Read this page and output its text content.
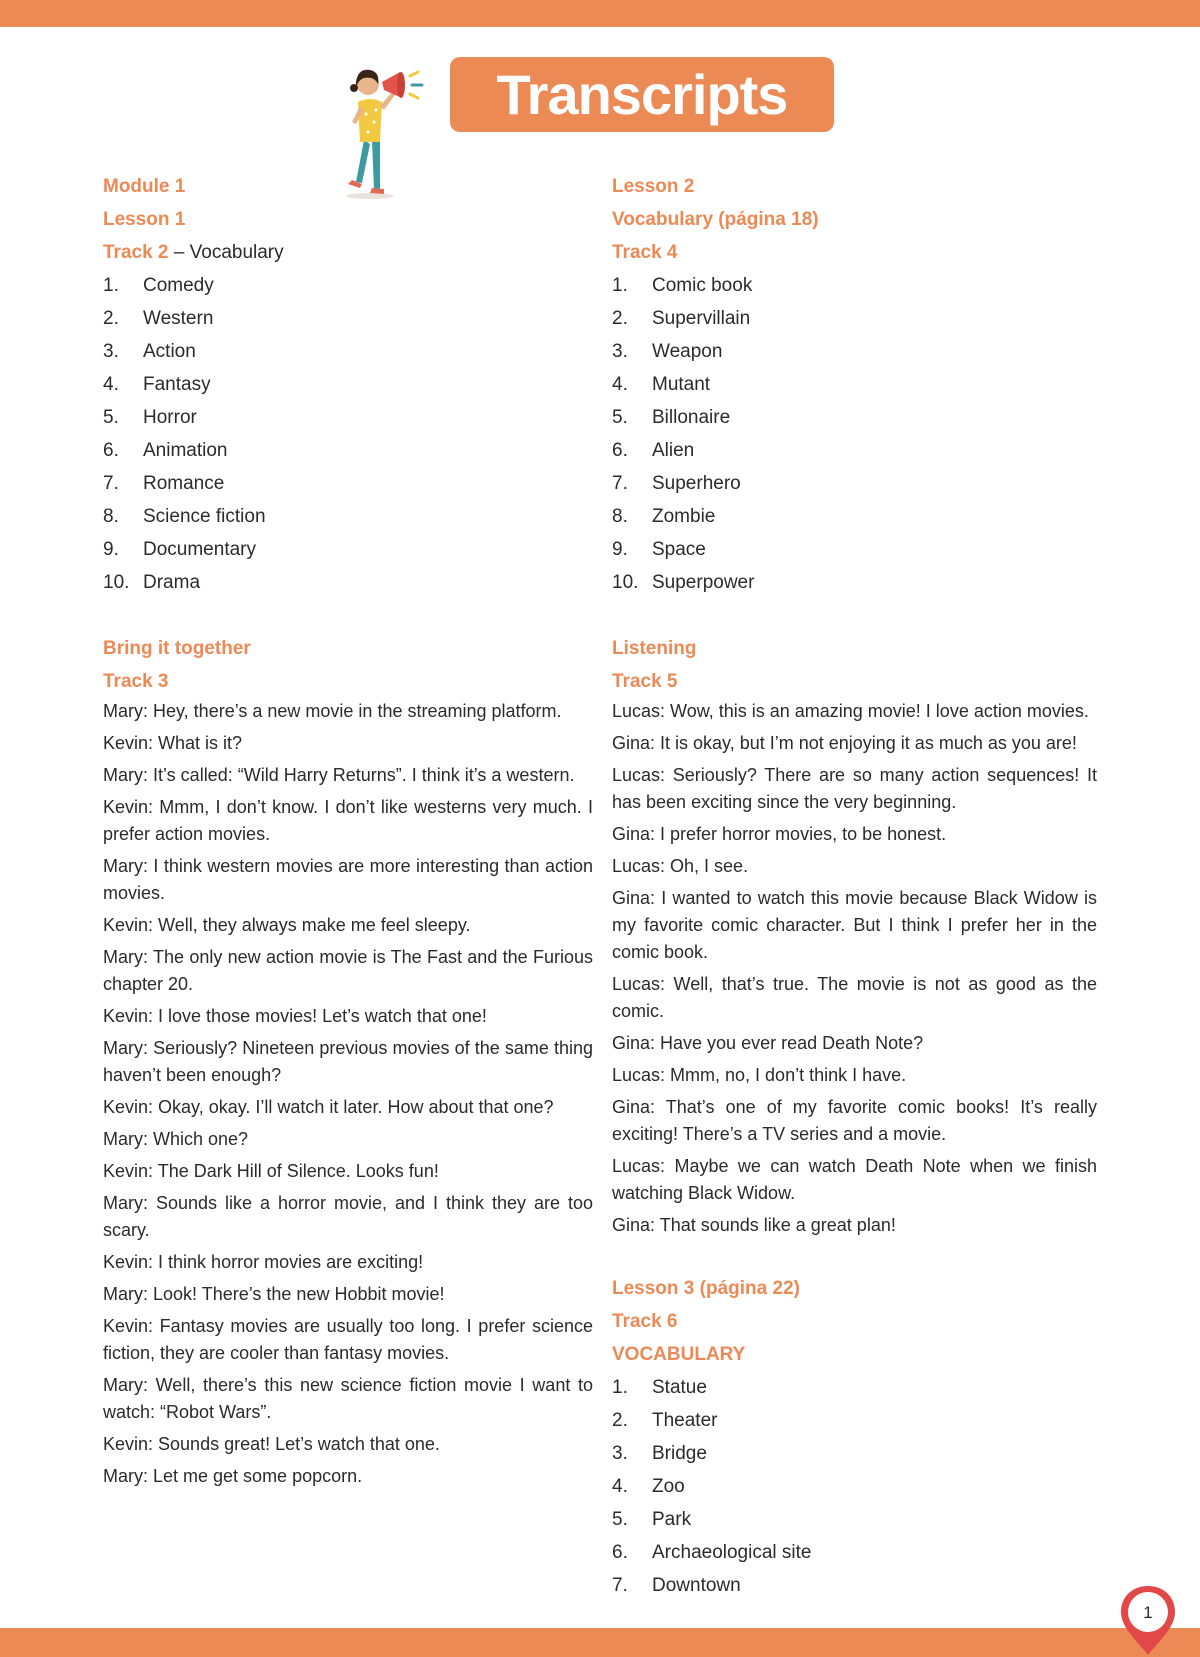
Transcripts
Module 1
Lesson 1
Track 2 – Vocabulary
1.	Comedy
2.	Western
3.	Action
4.	Fantasy
5.	Horror
6.	Animation
7.	Romance
8.	Science fiction
9.	Documentary
10. Drama
Bring it together
Track 3

Mary: Hey, there’s a new movie in the streaming platform.

Kevin: What is it?

Mary: It’s called: “Wild Harry Returns”. I think it’s a western.

Kevin: Mmm, I don’t know. I don’t like westerns very much. I prefer action movies.

Mary: I think western movies are more interesting than action movies.

Kevin: Well, they always make me feel sleepy.

Mary: The only new action movie is The Fast and the Furious chapter 20.

Kevin: I love those movies! Let’s watch that one!

Mary: Seriously? Nineteen previous movies of the same thing haven’t been enough?

Kevin: Okay, okay. I’ll watch it later. How about that one?

Mary: Which one?

Kevin: The Dark Hill of Silence. Looks fun!

Mary: Sounds like a horror movie, and I think they are too scary.

Kevin: I think horror movies are exciting!

Mary: Look! There’s the new Hobbit movie!

Kevin: Fantasy movies are usually too long. I prefer science fiction, they are cooler than fantasy movies.

Mary: Well, there’s this new science fiction movie I want to watch: “Robot Wars”.

Kevin: Sounds great! Let’s watch that one.

Mary: Let me get some popcorn.

Lesson 2
Vocabulary (página 18)
Track 4
1.	Comic book
2.	Supervillain
3.	Weapon
4.	Mutant
5.	Billonaire
6.	Alien
7.	Superhero
8.	Zombie
9.	Space
10. Superpower
Listening
Track 5

Lucas: Wow, this is an amazing movie! I love action movies.

Gina: It is okay, but I’m not enjoying it as much as you are!

Lucas: Seriously? There are so many action sequences! It has been exciting since the very beginning.

Gina: I prefer horror movies, to be honest.

Lucas: Oh, I see.

Gina: I wanted to watch this movie because Black Widow is my favorite comic character. But I think I prefer her in the comic book.

Lucas: Well, that’s true. The movie is not as good as the comic.

Gina: Have you ever read Death Note?

Lucas: Mmm, no, I don’t think I have.

Gina: That’s one of my favorite comic books! It’s really exciting! There’s a TV series and a movie.

Lucas: Maybe we can watch Death Note when we finish watching Black Widow.

Gina: That sounds like a great plan!

Lesson 3 (página 22)
Track 6
VOCABULARY
1.	Statue
2.	Theater
3.	Bridge
4.	Zoo
5.	Park
6.	Archaeological site
7.	Downtown
1
